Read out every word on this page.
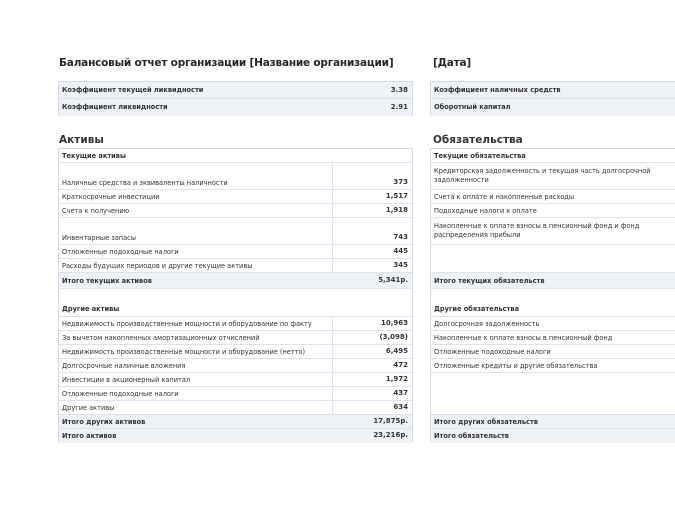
Балансовый отчет организации [Название организации]	[Дата]
Коэффициент текущей ликвидности	3.38
Коэффициент ликвидности	2.91
Коэффициент наличных средств
Оборотный капитал
Активы
Текущие активы
Наличные средства и эквиваленты наличности	373
Краткосрочные инвестиции	1,517
Счета к получению	1,918
Инвентарные запасы	743
Отложенные подоходные налоги	445
Расходы будущих периодов и другие текущие активы	345
Итого текущих активов	5,341р.
Другие активы
Недвижимость производственные мощности и оборудование по факту	10,963
За вычетом накопленных амортизационных отчислений	(3,098)
Недвижимость производственные мощности и оборудование (нетто)	6,495
Долгосрочные наличные вложения	472
Инвестиции в акционерный капитал	1,972
Отложенные подоходные налоги	437
Другие активы	634
Итого других активов	17,875р.
Итого активов	23,216р.
Обязательства
Текущие обязательства
Кредиторская задолженность и текущая часть долгосрочной задолженности
Счета к оплате и накопленные расходы
Подоходные налоги к оплате
Накопленные к оплате взносы в пенсионный фонд и фонд распределения прибыли
Итого текущих обязательств
Другие обязательства
Долгосрочная задолженность
Накопленные к оплате взносы в пенсионный фонд
Отложенные подоходные налоги
Отложенные кредиты и другие обязательства
Итого других обязательств
Итого обязательств
